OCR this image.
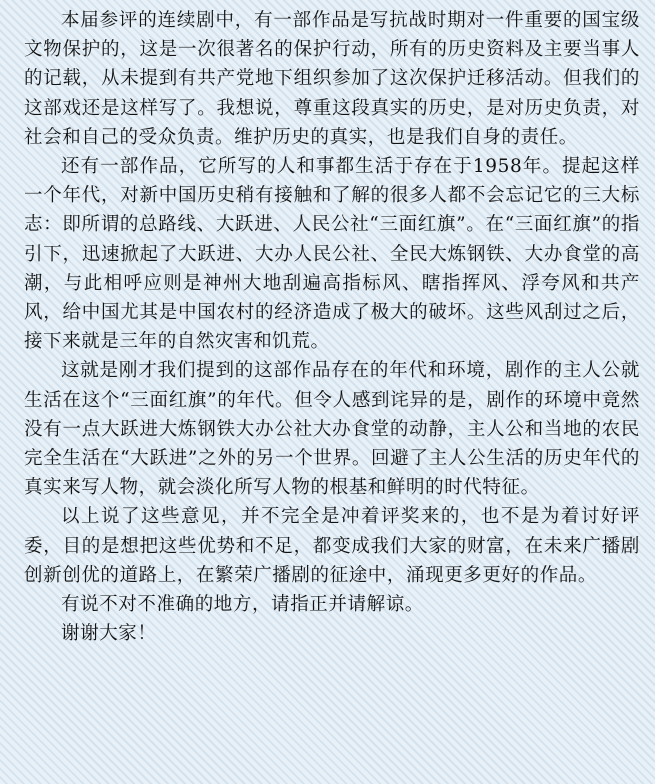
本届参评的连续剧中，有一部作品是写抗战时期对一件重要的国宝级文物保护的，这是一次很著名的保护行动，所有的历史资料及主要当事人的记载，从未提到有共产党地下组织参加了这次保护迁移活动。但我们的这部戏还是这样写了。我想说，尊重这段真实的历史，是对历史负责，对社会和自己的受众负责。维护历史的真实，也是我们自身的责任。

还有一部作品，它所写的人和事都生活于存在于1958年。提起这样一个年代，对新中国历史稍有接触和了解的很多人都不会忘记它的三大标志：即所谓的总路线、大跃进、人民公社“三面红旗”。在“三面红旗”的指引下，迅速掀起了大跃进、大办人民公社、全民大炼钢铁、大办食堂的高潮，与此相呼应则是神州大地刮遍高指标风、瞎指挥风、浮夸风和共产风，给中国尤其是中国农村的经济造成了极大的破坏。这些风刮过之后，接下来就是三年的自然灾害和饥荒。

这就是刚才我们提到的这部作品存在的年代和环境，剧作的主人公就生活在这个“三面红旗”的年代。但令人感到诧异的是，剧作的环境中竟然没有一点大跃进大炼钢铁大办公社大办食堂的动静，主人公和当地的农民完全生活在“大跃进”之外的另一个世界。回避了主人公生活的历史年代的真实来写人物，就会淡化所写人物的根基和鲜明的时代特征。

以上说了这些意见，并不完全是冲着评奖来的，也不是为着讨好评委，目的是想把这些优势和不足，都变成我们大家的财富，在未来广播剧创新创优的道路上，在繁荣广播剧的征途中，涌现更多更好的作品。

有说不对不准确的地方，请指正并请解谅。

谢谢大家！
